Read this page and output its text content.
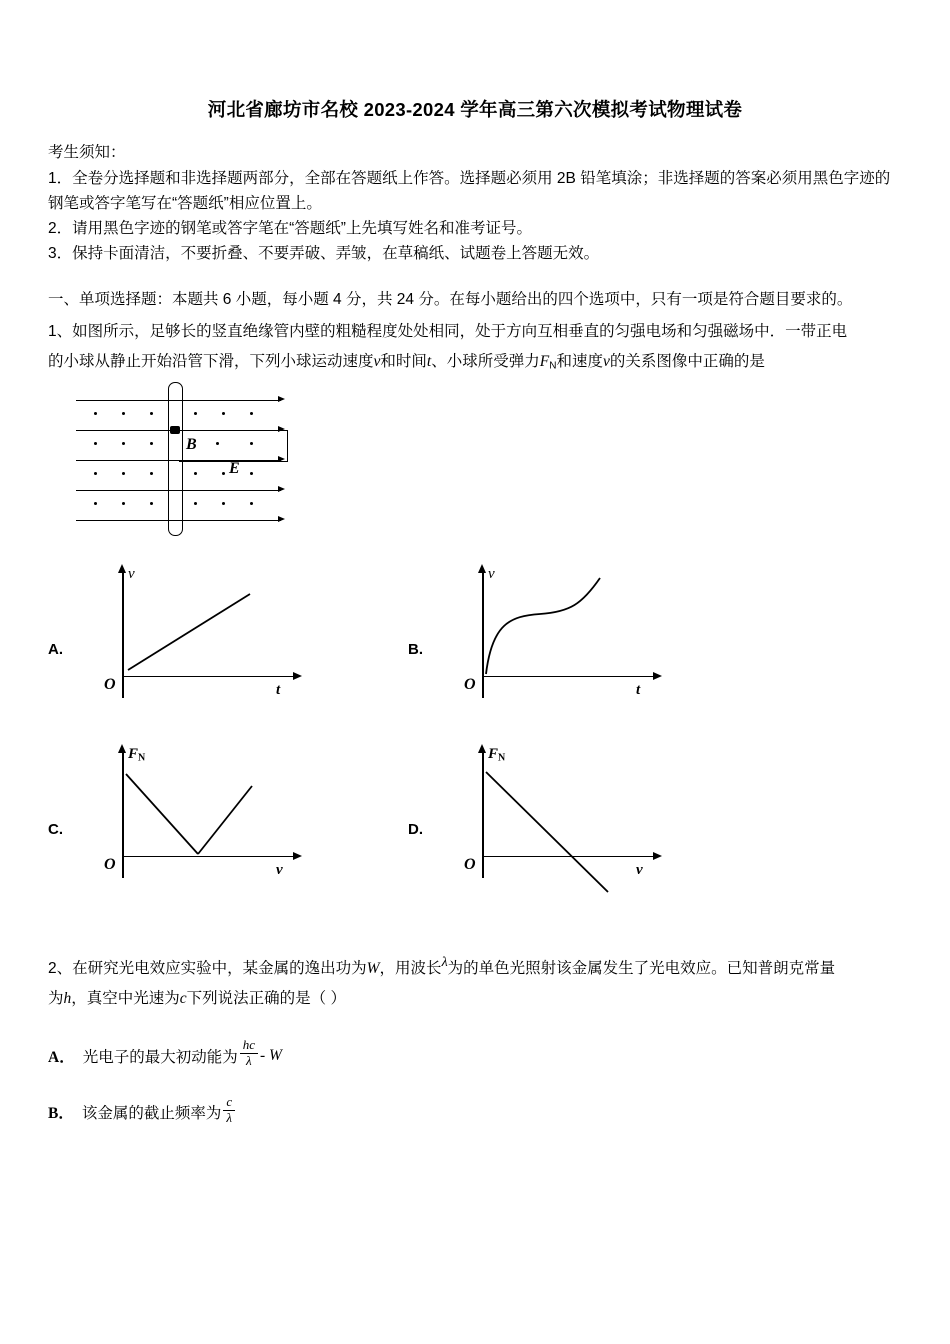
河北省廊坊市名校 2023-2024 学年高三第六次模拟考试物理试卷
考生须知：

1．全卷分选择题和非选择题两部分，全部在答题纸上作答。选择题必须用 2B 铅笔填涂；非选择题的答案必须用黑色字迹的钢笔或答字笔写在“答题纸”相应位置上。

2．请用黑色字迹的钢笔或答字笔在“答题纸”上先填写姓名和准考证号。

3．保持卡面清洁，不要折叠、不要弄破、弄皱，在草稿纸、试题卷上答题无效。

一、单项选择题：本题共 6 小题，每小题 4 分，共 24 分。在每小题给出的四个选项中，只有一项是符合题目要求的。

1、如图所示，足够长的竖直绝缘管内壁的粗糙程度处处相同，处于方向互相垂直的匀强电场和匀强磁场中．一带正电

的小球从静止开始沿管下滑，下列小球运动速度v和时间t、小球所受弹力$F_N$和速度v的关系图像中正确的是

B
E
A.
v
t
O
B.
v
t
O
C.
$F_N$
v
O
D.
$F_N$
v
O

2、在研究光电效应实验中，某金属的逸出功为W，用波长λ为的单色光照射该金属发生了光电效应。已知普朗克常量

为h，真空中光速为c下列说法正确的是（ ）

A． 光电子的最大初动能为 $\frac{hc}{\lambda}$ - W
B． 该金属的截止频率为 $\frac{c}{\lambda}$
